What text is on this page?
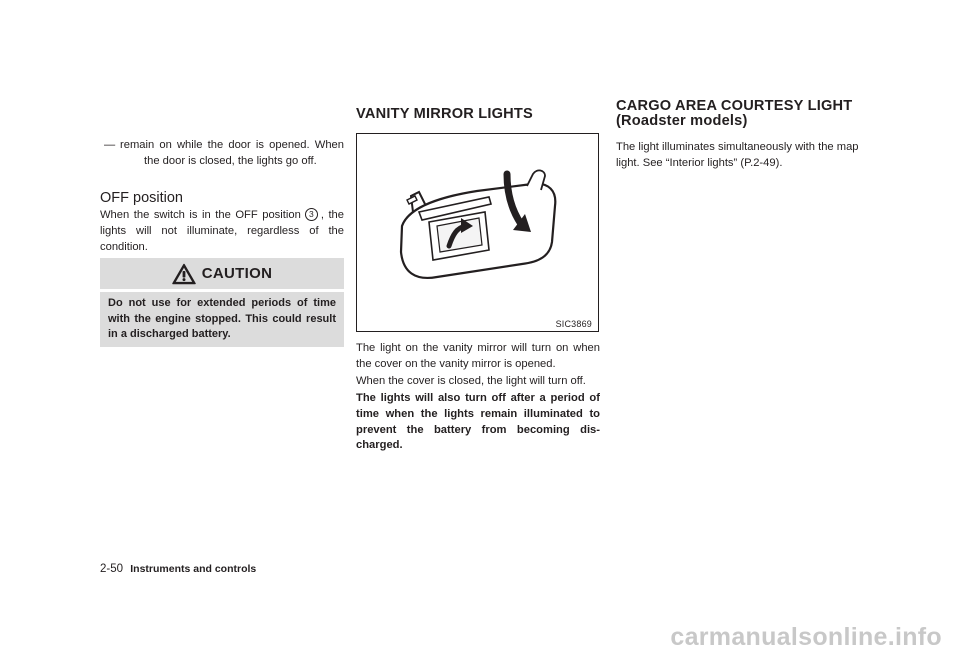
— remain on while the door is opened. When the door is closed, the lights go off.
OFF position

When the switch is in the OFF position 3 , the lights will not illuminate, regardless of the condition.

CAUTION
Do not use for extended periods of time with the engine stopped. This could result in a discharged battery.
VANITY MIRROR LIGHTS
SIC3869

The light on the vanity mirror will turn on when the cover on the vanity mirror is opened.

When the cover is closed, the light will turn off.

The lights will also turn off after a period of time when the lights remain illuminated to prevent the battery from becoming dis-charged.

CARGO AREA COURTESY LIGHT
(Roadster models)

The light illuminates simultaneously with the map light. See “Interior lights” (P.2-49).

2-50 Instruments and controls
carmanualsonline.info
